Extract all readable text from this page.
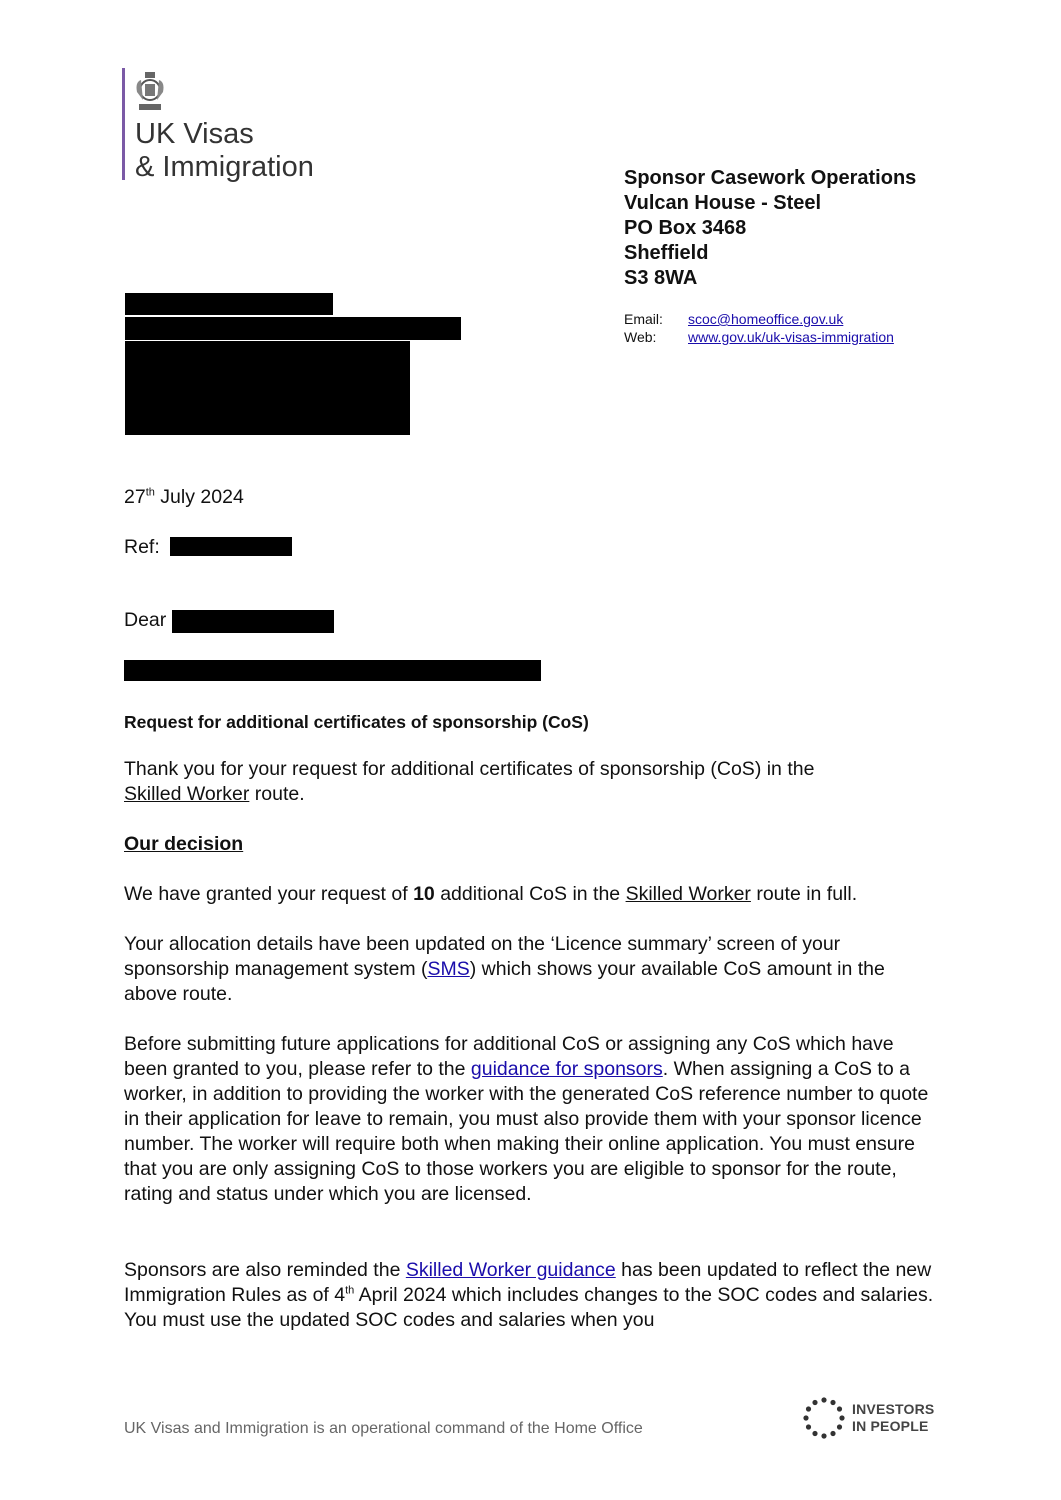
UK Visas
& Immigration	Sponsor Casework Operations
Vulcan House - Steel
PO Box 3468
Sheffield
S3 8WA
Email:	scoc@homeoffice.gov.uk
Web:	www.gov.uk/uk-visas-immigration
27th July 2024
Ref:
Dear
Request for additional certificates of sponsorship (CoS)
Thank you for your request for additional certificates of sponsorship (CoS) in the
Skilled Worker route.
Our decision
We have granted your request of 10 additional CoS in the Skilled Worker route in full.
Your allocation details have been updated on the ‘Licence summary’ screen of your sponsorship management system (SMS) which shows your available CoS amount in the above route.
Before submitting future applications for additional CoS or assigning any CoS which have been granted to you, please refer to the guidance for sponsors. When assigning a CoS to a worker, in addition to providing the worker with the generated CoS reference number to quote in their application for leave to remain, you must also provide them with your sponsor licence number. The worker will require both when making their online application. You must ensure that you are only assigning CoS to those workers you are eligible to sponsor for the route, rating and status under which you are licensed.
Sponsors are also reminded the Skilled Worker guidance has been updated to reflect the new Immigration Rules as of 4th April 2024 which includes changes to the SOC codes and salaries. You must use the updated SOC codes and salaries when you
UK Visas and Immigration is an operational command of the Home Office
INVESTORS
IN PEOPLE
